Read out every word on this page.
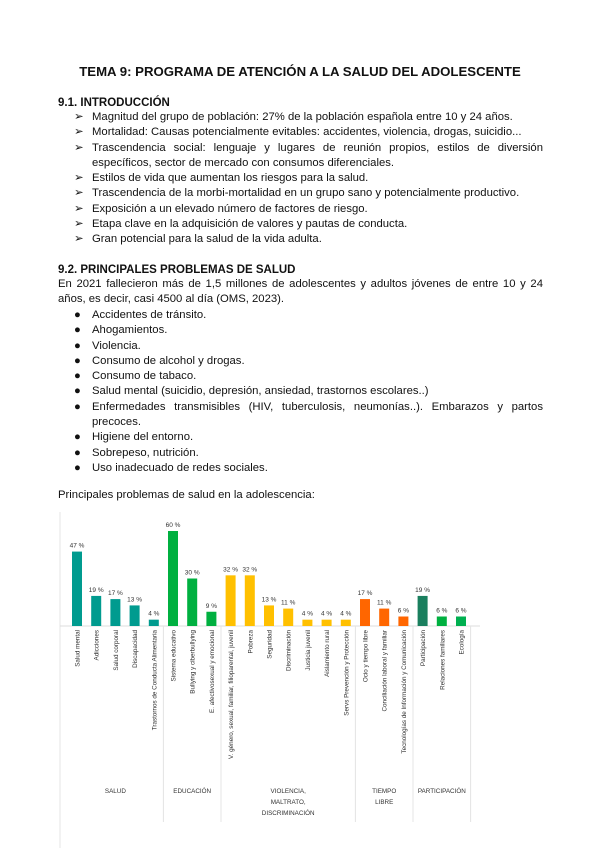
TEMA 9: PROGRAMA DE ATENCIÓN A LA SALUD DEL ADOLESCENTE
9.1. INTRODUCCIÓN
➢ Magnitud del grupo de población: 27% de la población española entre 10 y 24 años.
➢ Mortalidad: Causas potencialmente evitables: accidentes, violencia, drogas, suicidio...
➢ Trascendencia social: lenguaje y lugares de reunión propios, estilos de diversión específicos, sector de mercado con consumos diferenciales.
➢ Estilos de vida que aumentan los riesgos para la salud.
➢ Trascendencia de la morbi-mortalidad en un grupo sano y potencialmente productivo.
➢ Exposición a un elevado número de factores de riesgo.
➢ Etapa clave en la adquisición de valores y pautas de conducta.
➢ Gran potencial para la salud de la vida adulta.
9.2. PRINCIPALES PROBLEMAS DE SALUD
En 2021 fallecieron más de 1,5 millones de adolescentes y adultos jóvenes de entre 10 y 24 años, es decir, casi 4500 al día (OMS, 2023).
● Accidentes de tránsito.
● Ahogamientos.
● Violencia.
● Consumo de alcohol y drogas.
● Consumo de tabaco.
● Salud mental (suicidio, depresión, ansiedad, trastornos escolares..)
● Enfermedades transmisibles (HIV, tuberculosis, neumonías..). Embarazos y partos precoces.
● Higiene del entorno.
● Sobrepeso, nutrición.
● Uso inadecuado de redes sociales.
Principales problemas de salud en la adolescencia:
47 %
Salud mental
19 %
Adicciones
17 %
Salud corporal
13 %
Discapacidad
4 %
Trastornos de Conducta Alimentaria
SALUD
60 %
Sistema educativo
30 %
Bullying y ciberbullying
9 %
E. afectivosexual y emocional
EDUCACIÓN
32 %
V. género, sexual, familiar, filioparental, juvenil
32 %
Pobreza
13 %
Seguridad
11 %
Discriminación
4 %
Justicia juvenil
4 %
Aislamiento rural
4 %
Servs Prevención y Protección
VIOLENCIA,
MALTRATO,
DISCRIMINACIÓN
17 %
Ocio y tiempo libre
11 %
Conciliación laboral y familiar
6 %
Tecnologías de Información y Comunicación
TIEMPO
LIBRE
19 %
Participación
6 %
Relaciones familiares
6 %
Ecología
PARTICIPACIÓN
